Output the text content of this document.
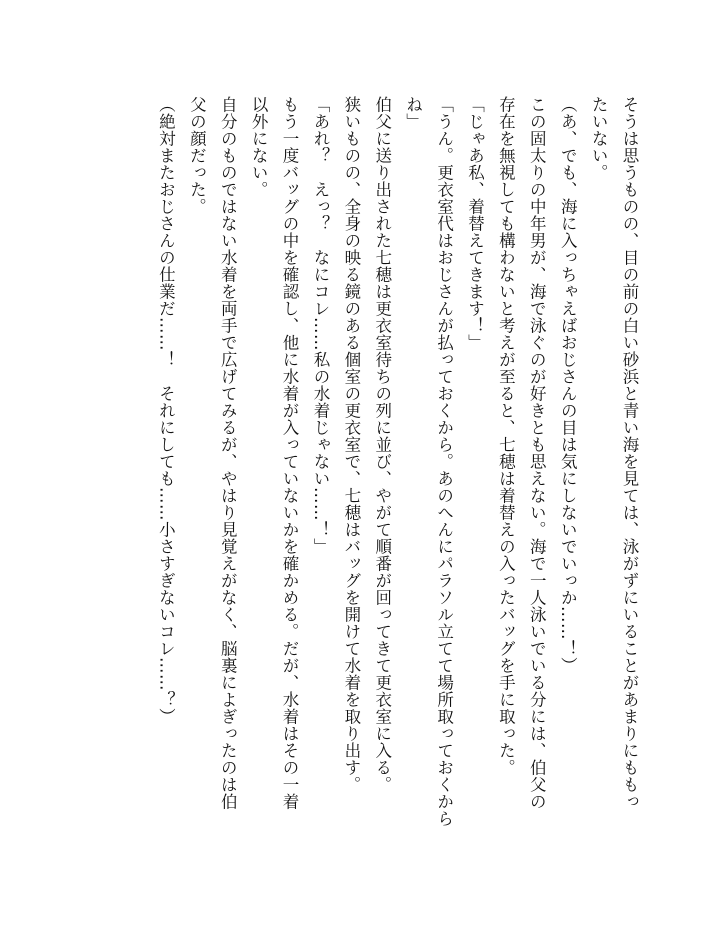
そうは思うものの、目の前の白い砂浜と青い海を見ては、泳がずにいることがあまりにももっ
たいない。
（あ、でも、海に入っちゃえばおじさんの目は気にしないでいっか……！）
この固太りの中年男が、海で泳ぐのが好きとも思えない。海で一人泳いでいる分には、伯父の
存在を無視しても構わないと考えが至ると、七穂は着替えの入ったバッグを手に取った。
「じゃあ私、着替えてきます！」
「うん。更衣室代はおじさんが払っておくから。あのへんにパラソル立てて場所取っておくから
ね」
伯父に送り出された七穂は更衣室待ちの列に並び、やがて順番が回ってきて更衣室に入る。
狭いものの、全身の映る鏡のある個室の更衣室で、七穂はバッグを開けて水着を取り出す。
「あれ？　えっ？　なにコレ……私の水着じゃない……！」
もう一度バッグの中を確認し、他に水着が入っていないかを確かめる。だが、水着はその一着
以外にない。
自分のものではない水着を両手で広げてみるが、やはり見覚えがなく、脳裏によぎったのは伯
父の顔だった。
（絶対またおじさんの仕業だ……！　それにしても……小さすぎないコレ……？）
